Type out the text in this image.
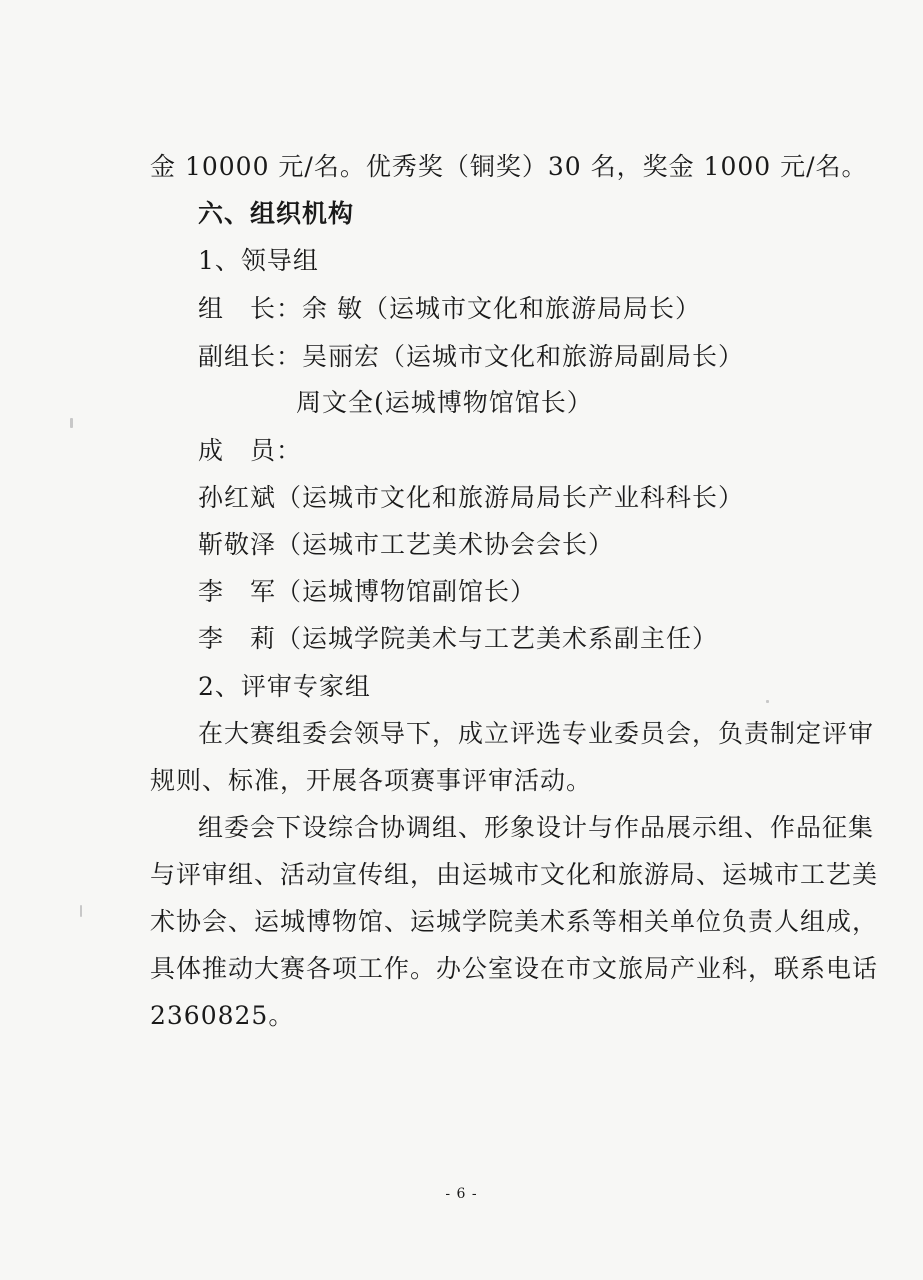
金 10000 元/名。优秀奖（铜奖）30 名，奖金 1000 元/名。
六、组织机构
1、领导组
组　长：余 敏（运城市文化和旅游局局长）
副组长：吴丽宏（运城市文化和旅游局副局长）
周文全(运城博物馆馆长）
成　员：
孙红斌（运城市文化和旅游局局长产业科科长）
靳敬泽（运城市工艺美术协会会长）
李　军（运城博物馆副馆长）
李　莉（运城学院美术与工艺美术系副主任）
2、评审专家组
在大赛组委会领导下，成立评选专业委员会，负责制定评审
规则、标准，开展各项赛事评审活动。
组委会下设综合协调组、形象设计与作品展示组、作品征集
与评审组、活动宣传组，由运城市文化和旅游局、运城市工艺美
术协会、运城博物馆、运城学院美术系等相关单位负责人组成，
具体推动大赛各项工作。办公室设在市文旅局产业科，联系电话
2360825。
- 6 -
